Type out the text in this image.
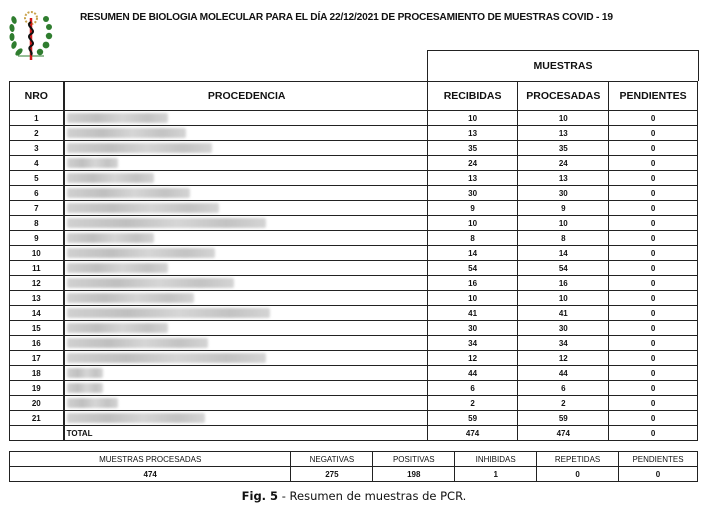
RESUMEN DE BIOLOGIA MOLECULAR PARA EL DÍA 22/12/2021 DE PROCESAMIENTO DE MUESTRAS COVID - 19
MUESTRAS
NRO	PROCEDENCIA	RECIBIDAS	PROCESADAS	PENDIENTES
1		10	10	0
2		13	13	0
3		35	35	0
4		24	24	0
5		13	13	0
6		30	30	0
7		9	9	0
8		10	10	0
9		8	8	0
10		14	14	0
11		54	54	0
12		16	16	0
13		10	10	0
14		41	41	0
15		30	30	0
16		34	34	0
17		12	12	0
18		44	44	0
19		6	6	0
20		2	2	0
21		59	59	0
	TOTAL	474	474	0
MUESTRAS PROCESADAS	NEGATIVAS	POSITIVAS	INHIBIDAS	REPETIDAS	PENDIENTES
474	275	198	1	0	0
Fig. 5 - Resumen de muestras de PCR.
